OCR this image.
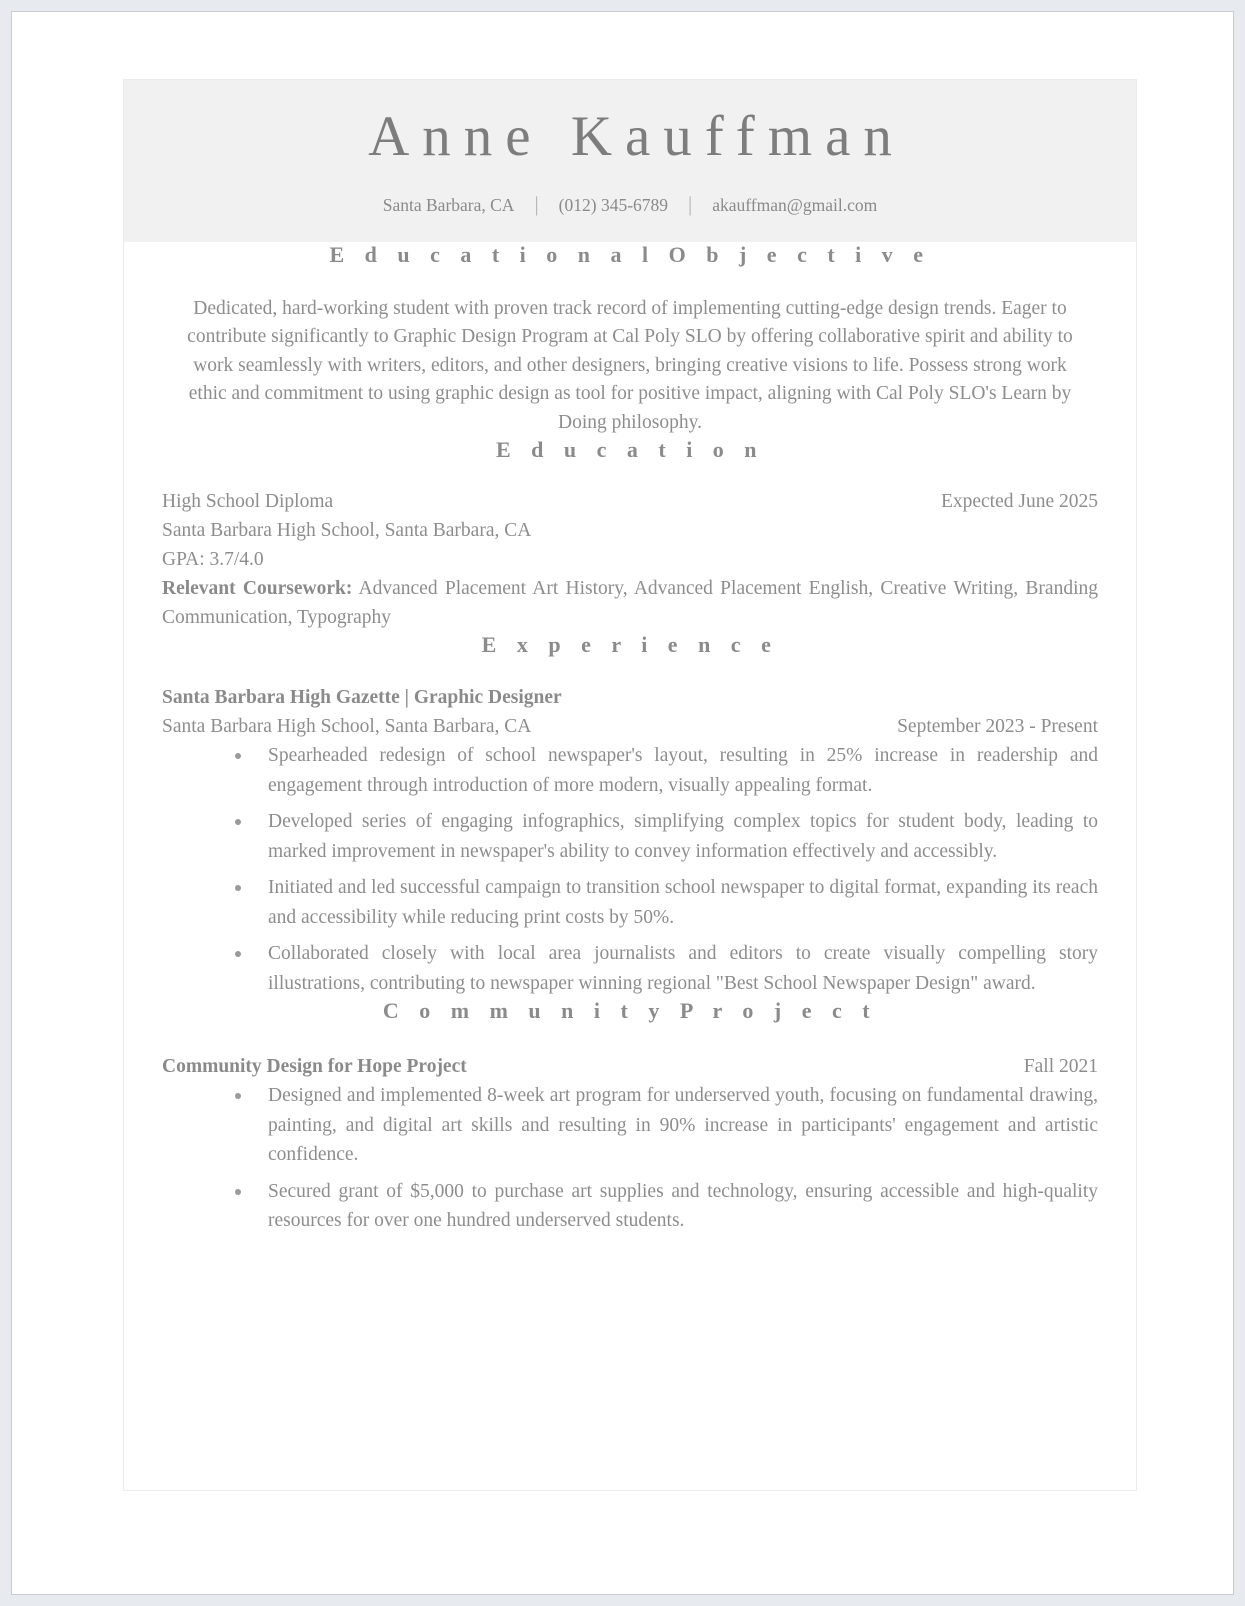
Anne Kauffman
Santa Barbara, CA |	(012) 345-6789 |	akauffman@gmail.com
E d u c a t i o n a l O b j e c t i v e

Dedicated, hard-working student with proven track record of implementing cutting-edge design trends. Eager to contribute significantly to Graphic Design Program at Cal Poly SLO by offering collaborative spirit and ability to work seamlessly with writers, editors, and other designers, bringing creative visions to life. Possess strong work ethic and commitment to using graphic design as tool for positive impact, aligning with Cal Poly SLO's Learn by Doing philosophy.

E d u c a t i o n
High School Diploma	Expected June 2025
Santa Barbara High School, Santa Barbara, CA
GPA: 3.7/4.0
Relevant Coursework: Advanced Placement Art History, Advanced Placement English, Creative Writing, Branding Communication, Typography
E x p e r i e n c e
Santa Barbara High Gazette | Graphic Designer
Santa Barbara High School, Santa Barbara, CA	September 2023 - Present
Spearheaded redesign of school newspaper's layout, resulting in 25% increase in readership and engagement through introduction of more modern, visually appealing format.
Developed series of engaging infographics, simplifying complex topics for student body, leading to marked improvement in newspaper's ability to convey information effectively and accessibly.
Initiated and led successful campaign to transition school newspaper to digital format, expanding its reach and accessibility while reducing print costs by 50%.
Collaborated closely with local area journalists and editors to create visually compelling story illustrations, contributing to newspaper winning regional "Best School Newspaper Design" award.
C o m m u n i t y P r o j e c t
Community Design for Hope Project	Fall 2021
Designed and implemented 8-week art program for underserved youth, focusing on fundamental drawing, painting, and digital art skills and resulting in 90% increase in participants' engagement and artistic confidence.
Secured grant of $5,000 to purchase art supplies and technology, ensuring accessible and high-quality resources for over one hundred underserved students.
